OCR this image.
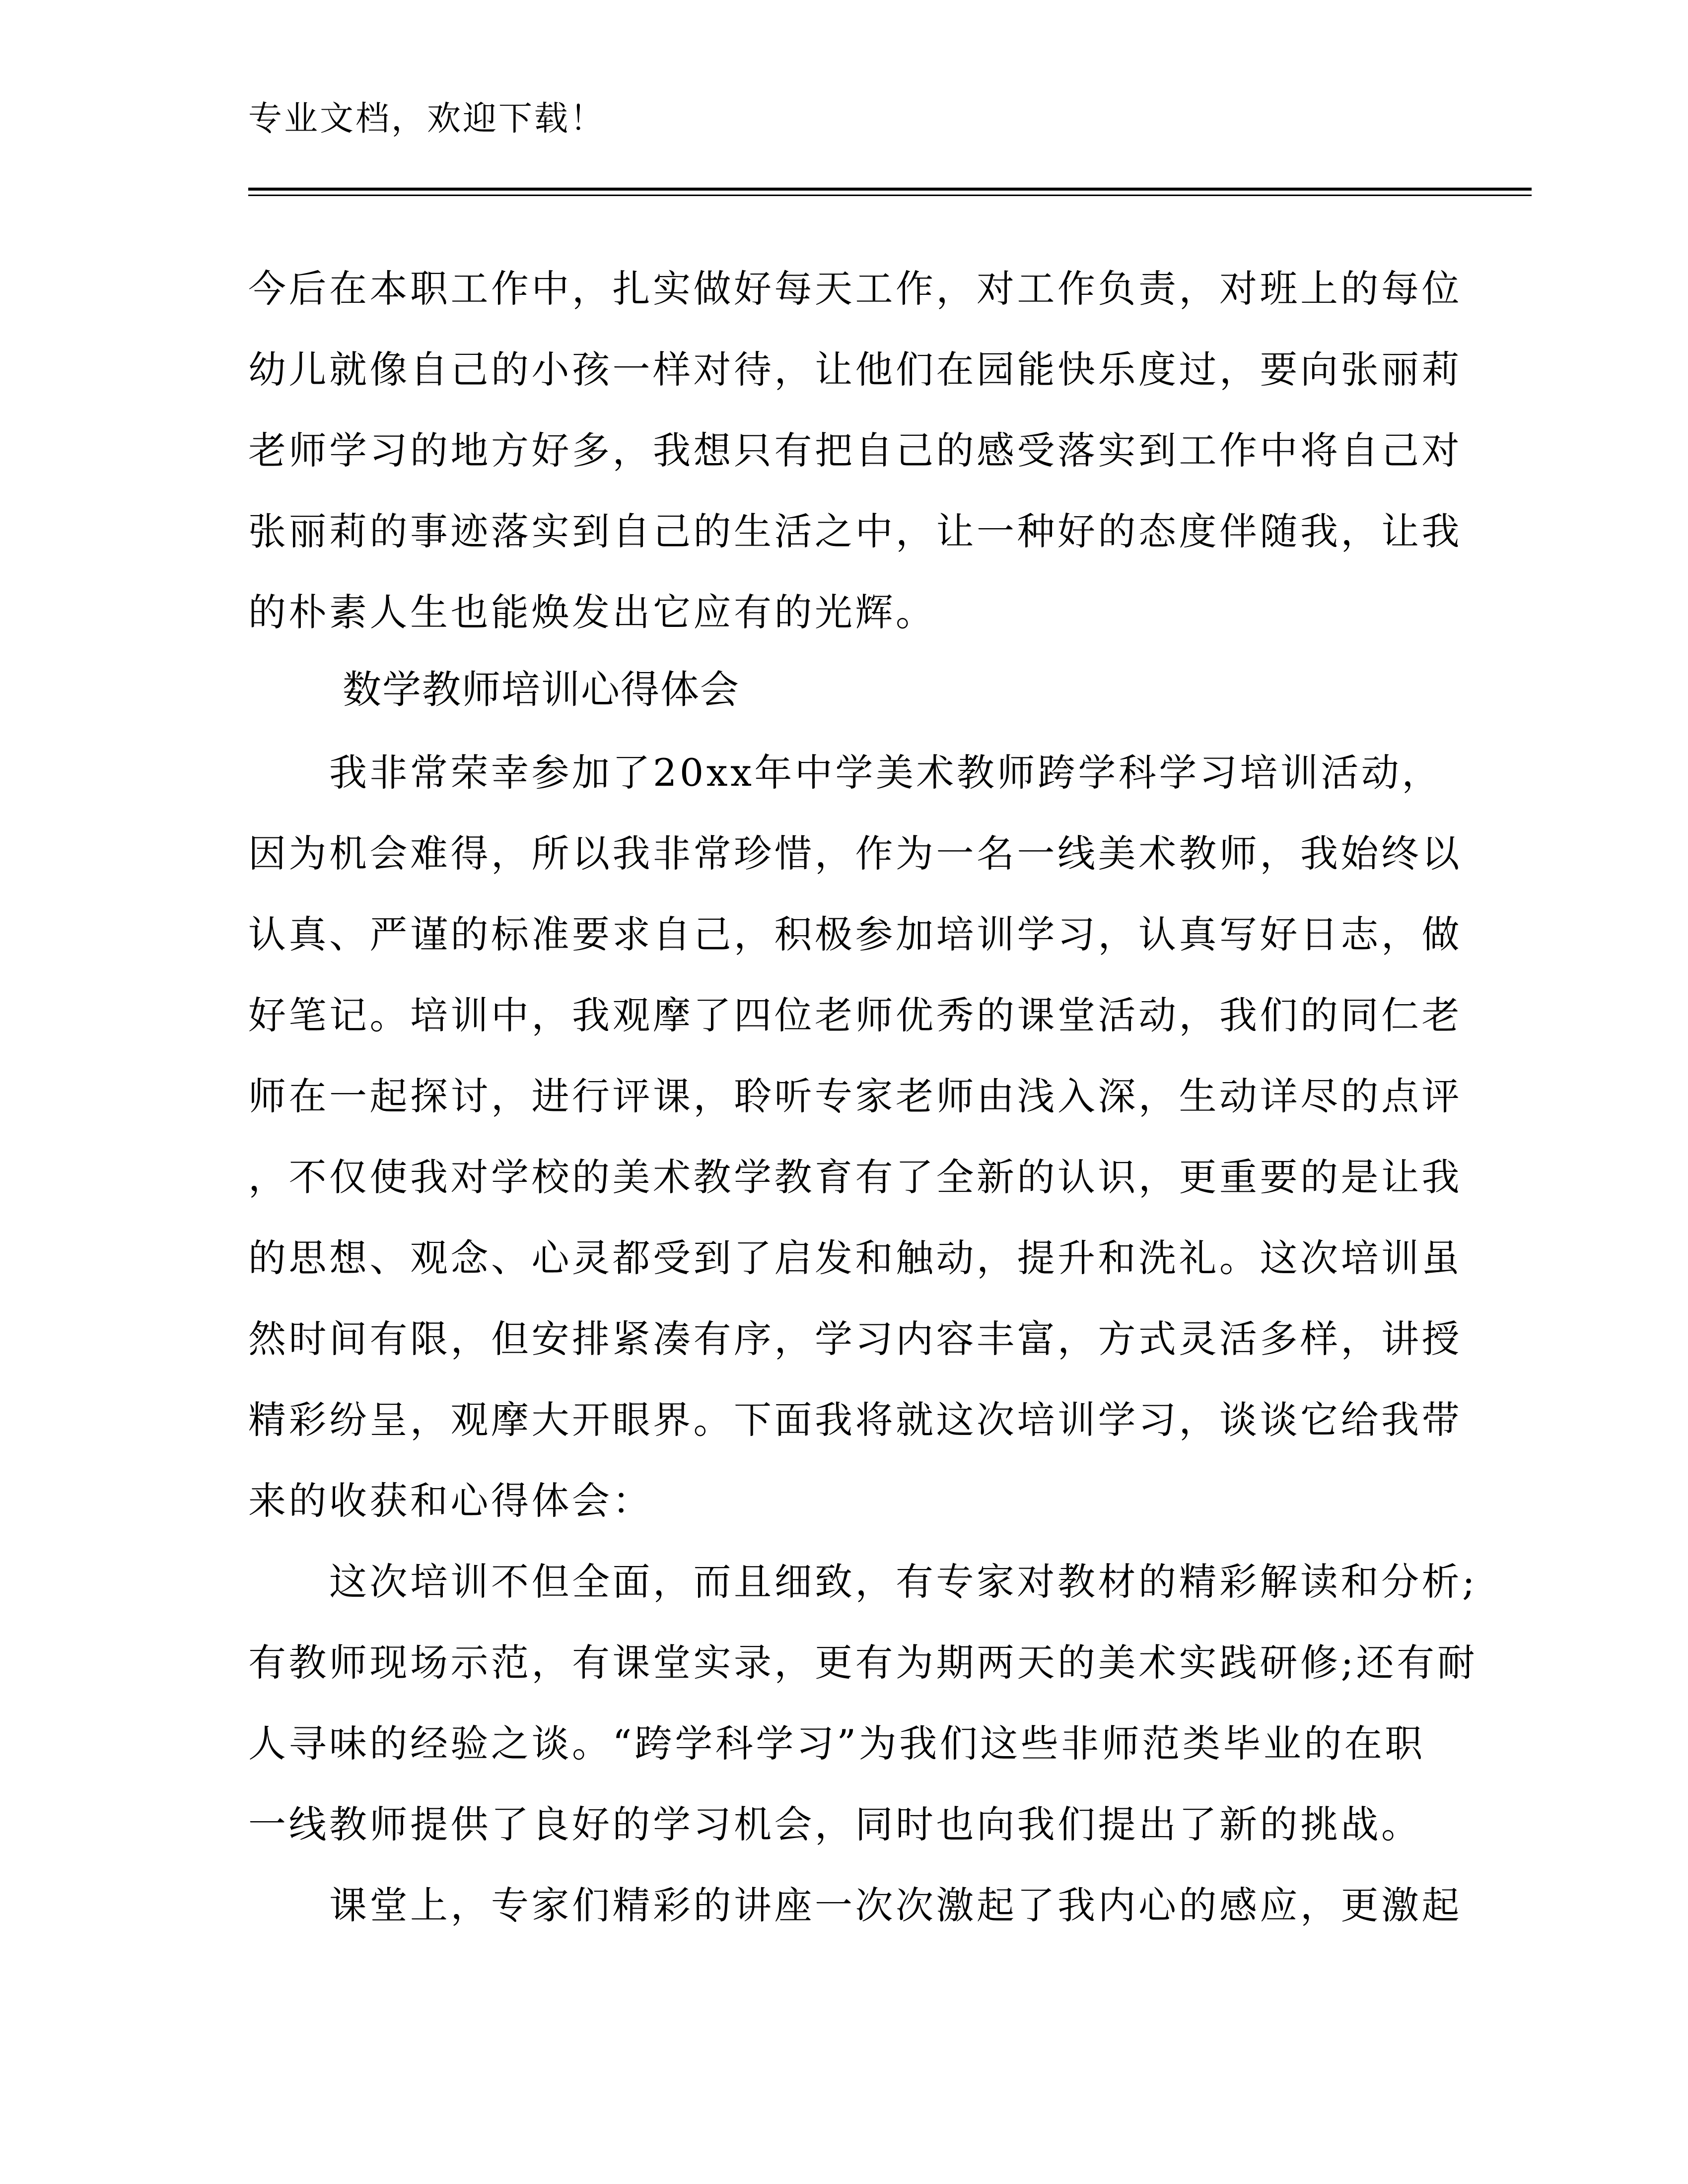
专业文档，欢迎下载！
今后在本职工作中，扎实做好每天工作，对工作负责，对班上的每位
幼儿就像自己的小孩一样对待，让他们在园能快乐度过，要向张丽莉
老师学习的地方好多，我想只有把自己的感受落实到工作中将自己对
张丽莉的事迹落实到自己的生活之中，让一种好的态度伴随我，让我
的朴素人生也能焕发出它应有的光辉。
数学教师培训心得体会
　　我非常荣幸参加了20xx年中学美术教师跨学科学习培训活动，
因为机会难得，所以我非常珍惜，作为一名一线美术教师，我始终以
认真、严谨的标准要求自己，积极参加培训学习，认真写好日志，做
好笔记。培训中，我观摩了四位老师优秀的课堂活动，我们的同仁老
师在一起探讨，进行评课，聆听专家老师由浅入深，生动详尽的点评
，不仅使我对学校的美术教学教育有了全新的认识，更重要的是让我
的思想、观念、心灵都受到了启发和触动，提升和洗礼。这次培训虽
然时间有限，但安排紧凑有序，学习内容丰富，方式灵活多样，讲授
精彩纷呈，观摩大开眼界。下面我将就这次培训学习，谈谈它给我带
来的收获和心得体会：
　　这次培训不但全面，而且细致，有专家对教材的精彩解读和分析;
有教师现场示范，有课堂实录，更有为期两天的美术实践研修;还有耐
人寻味的经验之谈。“跨学科学习”为我们这些非师范类毕业的在职
一线教师提供了良好的学习机会，同时也向我们提出了新的挑战。
　　课堂上，专家们精彩的讲座一次次激起了我内心的感应，更激起
